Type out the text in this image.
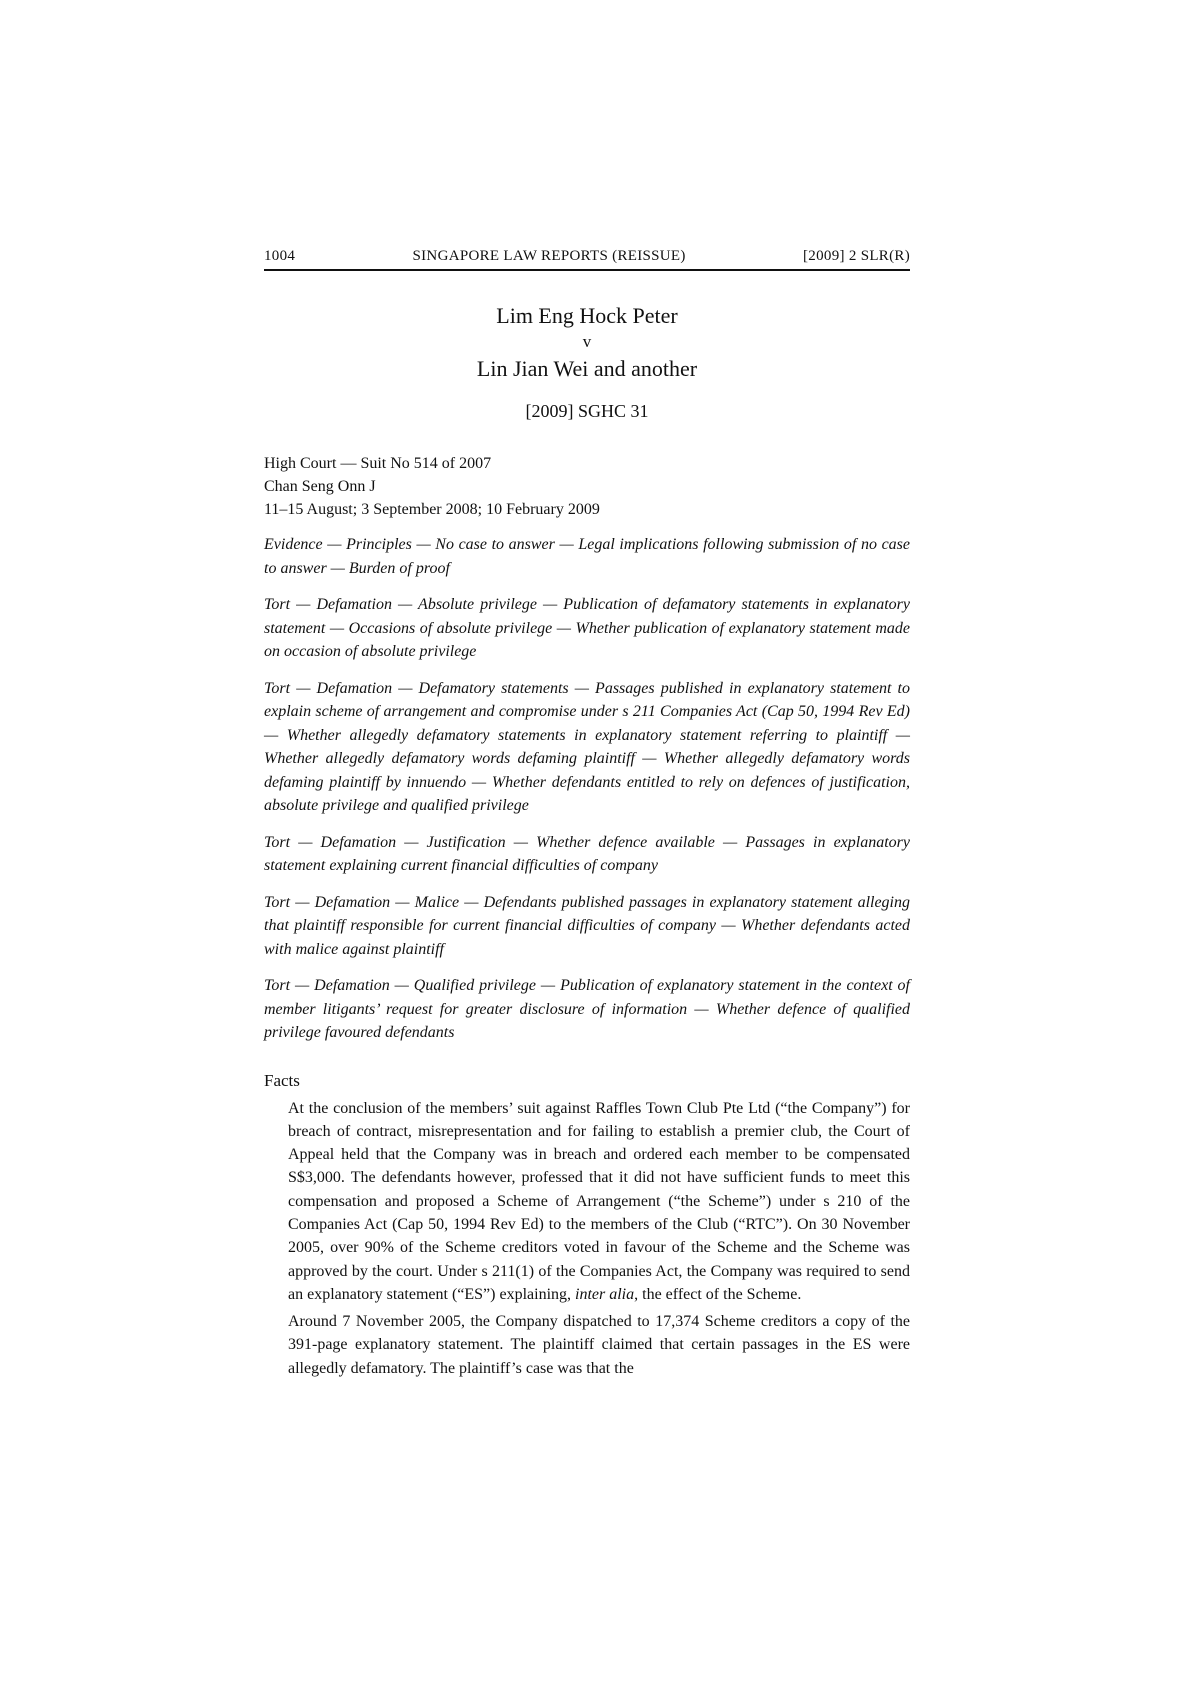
1004	SINGAPORE LAW REPORTS (REISSUE)	[2009] 2 SLR(R)
Lim Eng Hock Peter
v
Lin Jian Wei and another
[2009] SGHC 31
High Court — Suit No 514 of 2007
Chan Seng Onn J
11–15 August; 3 September 2008; 10 February 2009

Evidence — Principles — No case to answer — Legal implications following submission of no case to answer — Burden of proof

Tort — Defamation — Absolute privilege — Publication of defamatory statements in explanatory statement — Occasions of absolute privilege — Whether publication of explanatory statement made on occasion of absolute privilege

Tort — Defamation — Defamatory statements — Passages published in explanatory statement to explain scheme of arrangement and compromise under s 211 Companies Act (Cap 50, 1994 Rev Ed) — Whether allegedly defamatory statements in explanatory statement referring to plaintiff — Whether allegedly defamatory words defaming plaintiff — Whether allegedly defamatory words defaming plaintiff by innuendo — Whether defendants entitled to rely on defences of justification, absolute privilege and qualified privilege

Tort — Defamation — Justification — Whether defence available — Passages in explanatory statement explaining current financial difficulties of company

Tort — Defamation — Malice — Defendants published passages in explanatory statement alleging that plaintiff responsible for current financial difficulties of company — Whether defendants acted with malice against plaintiff

Tort — Defamation — Qualified privilege — Publication of explanatory statement in the context of member litigants’ request for greater disclosure of information — Whether defence of qualified privilege favoured defendants

Facts

At the conclusion of the members’ suit against Raffles Town Club Pte Ltd (“the Company”) for breach of contract, misrepresentation and for failing to establish a premier club, the Court of Appeal held that the Company was in breach and ordered each member to be compensated S$3,000. The defendants however, professed that it did not have sufficient funds to meet this compensation and proposed a Scheme of Arrangement (“the Scheme”) under s 210 of the Companies Act (Cap 50, 1994 Rev Ed) to the members of the Club (“RTC”). On 30 November 2005, over 90% of the Scheme creditors voted in favour of the Scheme and the Scheme was approved by the court. Under s 211(1) of the Companies Act, the Company was required to send an explanatory statement (“ES”) explaining, inter alia, the effect of the Scheme.

Around 7 November 2005, the Company dispatched to 17,374 Scheme creditors a copy of the 391-page explanatory statement. The plaintiff claimed that certain passages in the ES were allegedly defamatory. The plaintiff’s case was that the
